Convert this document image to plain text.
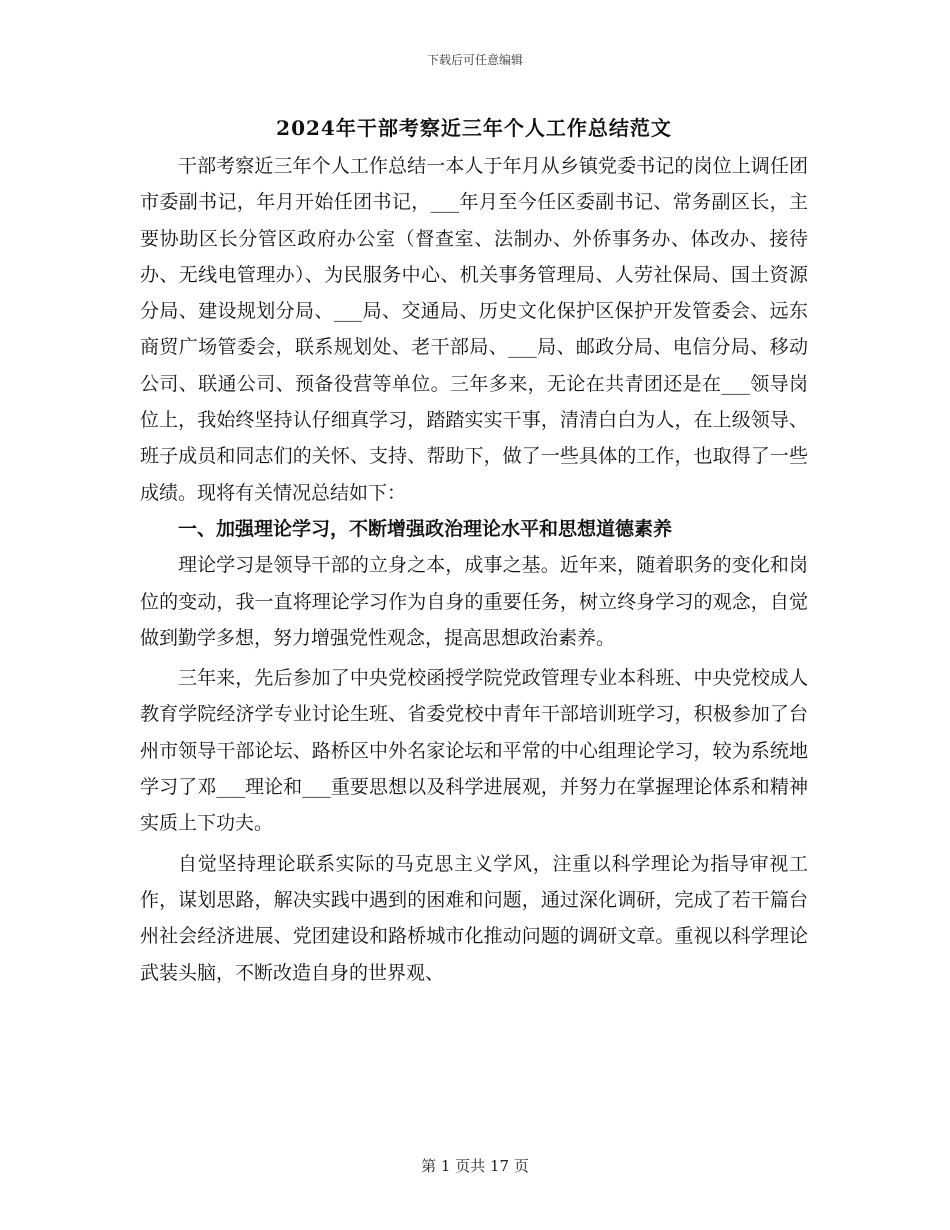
下载后可任意编辑
2024年干部考察近三年个人工作总结范文

干部考察近三年个人工作总结一本人于年月从乡镇党委书记的岗位上调任团市委副书记，年月开始任团书记，___年月至今任区委副书记、常务副区长，主要协助区长分管区政府办公室（督查室、法制办、外侨事务办、体改办、接待办、无线电管理办）、为民服务中心、机关事务管理局、人劳社保局、国土资源分局、建设规划分局、___局、交通局、历史文化保护区保护开发管委会、远东商贸广场管委会，联系规划处、老干部局、___局、邮政分局、电信分局、移动公司、联通公司、预备役营等单位。三年多来，无论在共青团还是在___领导岗位上，我始终坚持认仔细真学习，踏踏实实干事，清清白白为人，在上级领导、班子成员和同志们的关怀、支持、帮助下，做了一些具体的工作，也取得了一些成绩。现将有关情况总结如下：

一、加强理论学习，不断增强政治理论水平和思想道德素养

理论学习是领导干部的立身之本，成事之基。近年来，随着职务的变化和岗位的变动，我一直将理论学习作为自身的重要任务，树立终身学习的观念，自觉做到勤学多想，努力增强党性观念，提高思想政治素养。

三年来，先后参加了中央党校函授学院党政管理专业本科班、中央党校成人教育学院经济学专业讨论生班、省委党校中青年干部培训班学习，积极参加了台州市领导干部论坛、路桥区中外名家论坛和平常的中心组理论学习，较为系统地学习了邓___理论和___重要思想以及科学进展观，并努力在掌握理论体系和精神实质上下功夫。

自觉坚持理论联系实际的马克思主义学风，注重以科学理论为指导审视工作，谋划思路，解决实践中遇到的困难和问题，通过深化调研，完成了若干篇台州社会经济进展、党团建设和路桥城市化推动问题的调研文章。重视以科学理论武装头脑，不断改造自身的世界观、

第 1 页共 17 页
